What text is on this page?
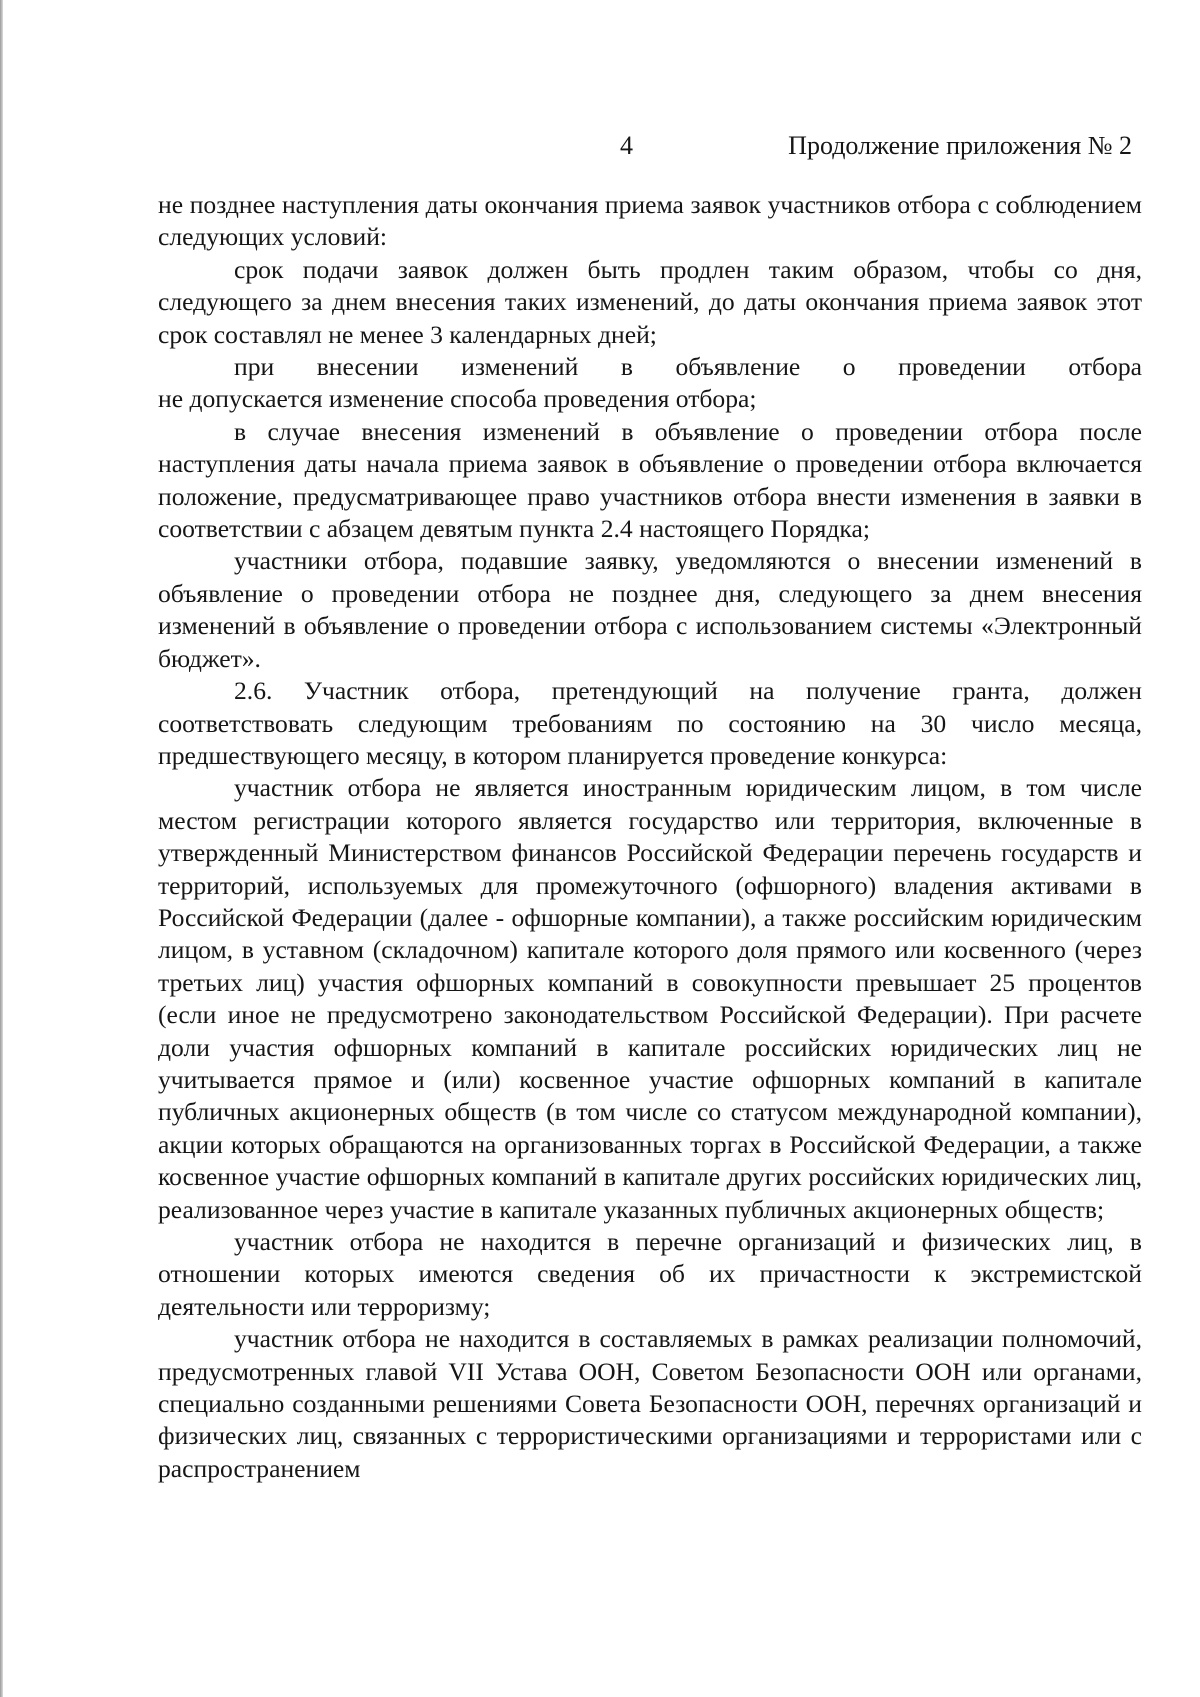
4	Продолжение приложения № 2

не позднее наступления даты окончания приема заявок участников отбора с соблюдением следующих условий:

срок подачи заявок должен быть продлен таким образом, чтобы со дня, следующего за днем внесения таких изменений, до даты окончания приема заявок этот срок составлял не менее 3 календарных дней;

при внесении изменений в объявление о проведении отбора

не допускается изменение способа проведения отбора;

в случае внесения изменений в объявление о проведении отбора после наступления даты начала приема заявок в объявление о проведении отбора включается положение, предусматривающее право участников отбора внести изменения в заявки в соответствии с абзацем девятым пункта 2.4 настоящего Порядка;

участники отбора, подавшие заявку, уведомляются о внесении изменений в объявление о проведении отбора не позднее дня, следующего за днем внесения изменений в объявление о проведении отбора с использованием системы «Электронный бюджет».

2.6. Участник отбора, претендующий на получение гранта, должен соответствовать следующим требованиям по состоянию на 30 число месяца, предшествующего месяцу, в котором планируется проведение конкурса:

участник отбора не является иностранным юридическим лицом, в том числе местом регистрации которого является государство или территория, включенные в утвержденный Министерством финансов Российской Федерации перечень государств и территорий, используемых для промежуточного (офшорного) владения активами в Российской Федерации (далее - офшорные компании), а также российским юридическим лицом, в уставном (складочном) капитале которого доля прямого или косвенного (через третьих лиц) участия офшорных компаний в совокупности превышает 25 процентов (если иное не предусмотрено законодательством Российской Федерации). При расчете доли участия офшорных компаний в капитале российских юридических лиц не учитывается прямое и (или) косвенное участие офшорных компаний в капитале публичных акционерных обществ (в том числе со статусом международной компании), акции которых обращаются на организованных торгах в Российской Федерации, а также косвенное участие офшорных компаний в капитале других российских юридических лиц, реализованное через участие в капитале указанных публичных акционерных обществ;

участник отбора не находится в перечне организаций и физических лиц, в отношении которых имеются сведения об их причастности к экстремистской деятельности или терроризму;

участник отбора не находится в составляемых в рамках реализации полномочий, предусмотренных главой VII Устава ООН, Советом Безопасности ООН или органами, специально созданными решениями Совета Безопасности ООН, перечнях организаций и физических лиц, связанных с террористическими организациями и террористами или с распространением
